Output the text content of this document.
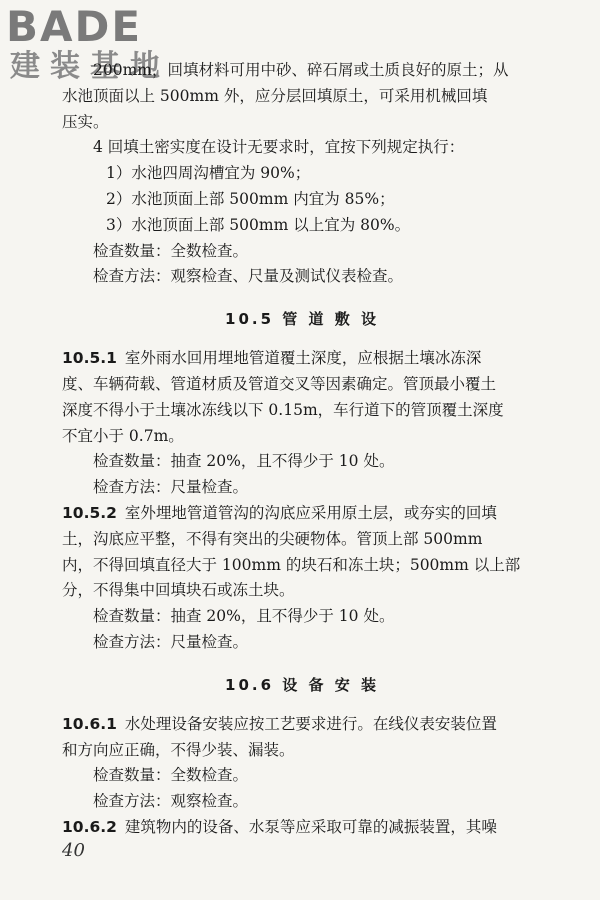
BADE
建装基地

200mm，回填材料可用中砂、碎石屑或土质良好的原土；从

水池顶面以上 500mm 外，应分层回填原土，可采用机械回填

压实。

4 回填土密实度在设计无要求时，宜按下列规定执行：

1）水池四周沟槽宜为 90%；

2）水池顶面上部 500mm 内宜为 85%；

3）水池顶面上部 500mm 以上宜为 80%。

检查数量：全数检查。

检查方法：观察检查、尺量及测试仪表检查。

10.5 管 道 敷 设

10.5.1 室外雨水回用埋地管道覆土深度，应根据土壤冰冻深

度、车辆荷载、管道材质及管道交叉等因素确定。管顶最小覆土

深度不得小于土壤冰冻线以下 0.15m，车行道下的管顶覆土深度

不宜小于 0.7m。

检查数量：抽查 20%，且不得少于 10 处。

检查方法：尺量检查。

10.5.2 室外埋地管道管沟的沟底应采用原土层，或夯实的回填

土，沟底应平整，不得有突出的尖硬物体。管顶上部 500mm

内，不得回填直径大于 100mm 的块石和冻土块；500mm 以上部

分，不得集中回填块石或冻土块。

检查数量：抽查 20%，且不得少于 10 处。

检查方法：尺量检查。

10.6 设 备 安 装

10.6.1 水处理设备安装应按工艺要求进行。在线仪表安装位置

和方向应正确，不得少装、漏装。

检查数量：全数检查。

检查方法：观察检查。

10.6.2 建筑物内的设备、水泵等应采取可靠的减振装置，其噪

40
